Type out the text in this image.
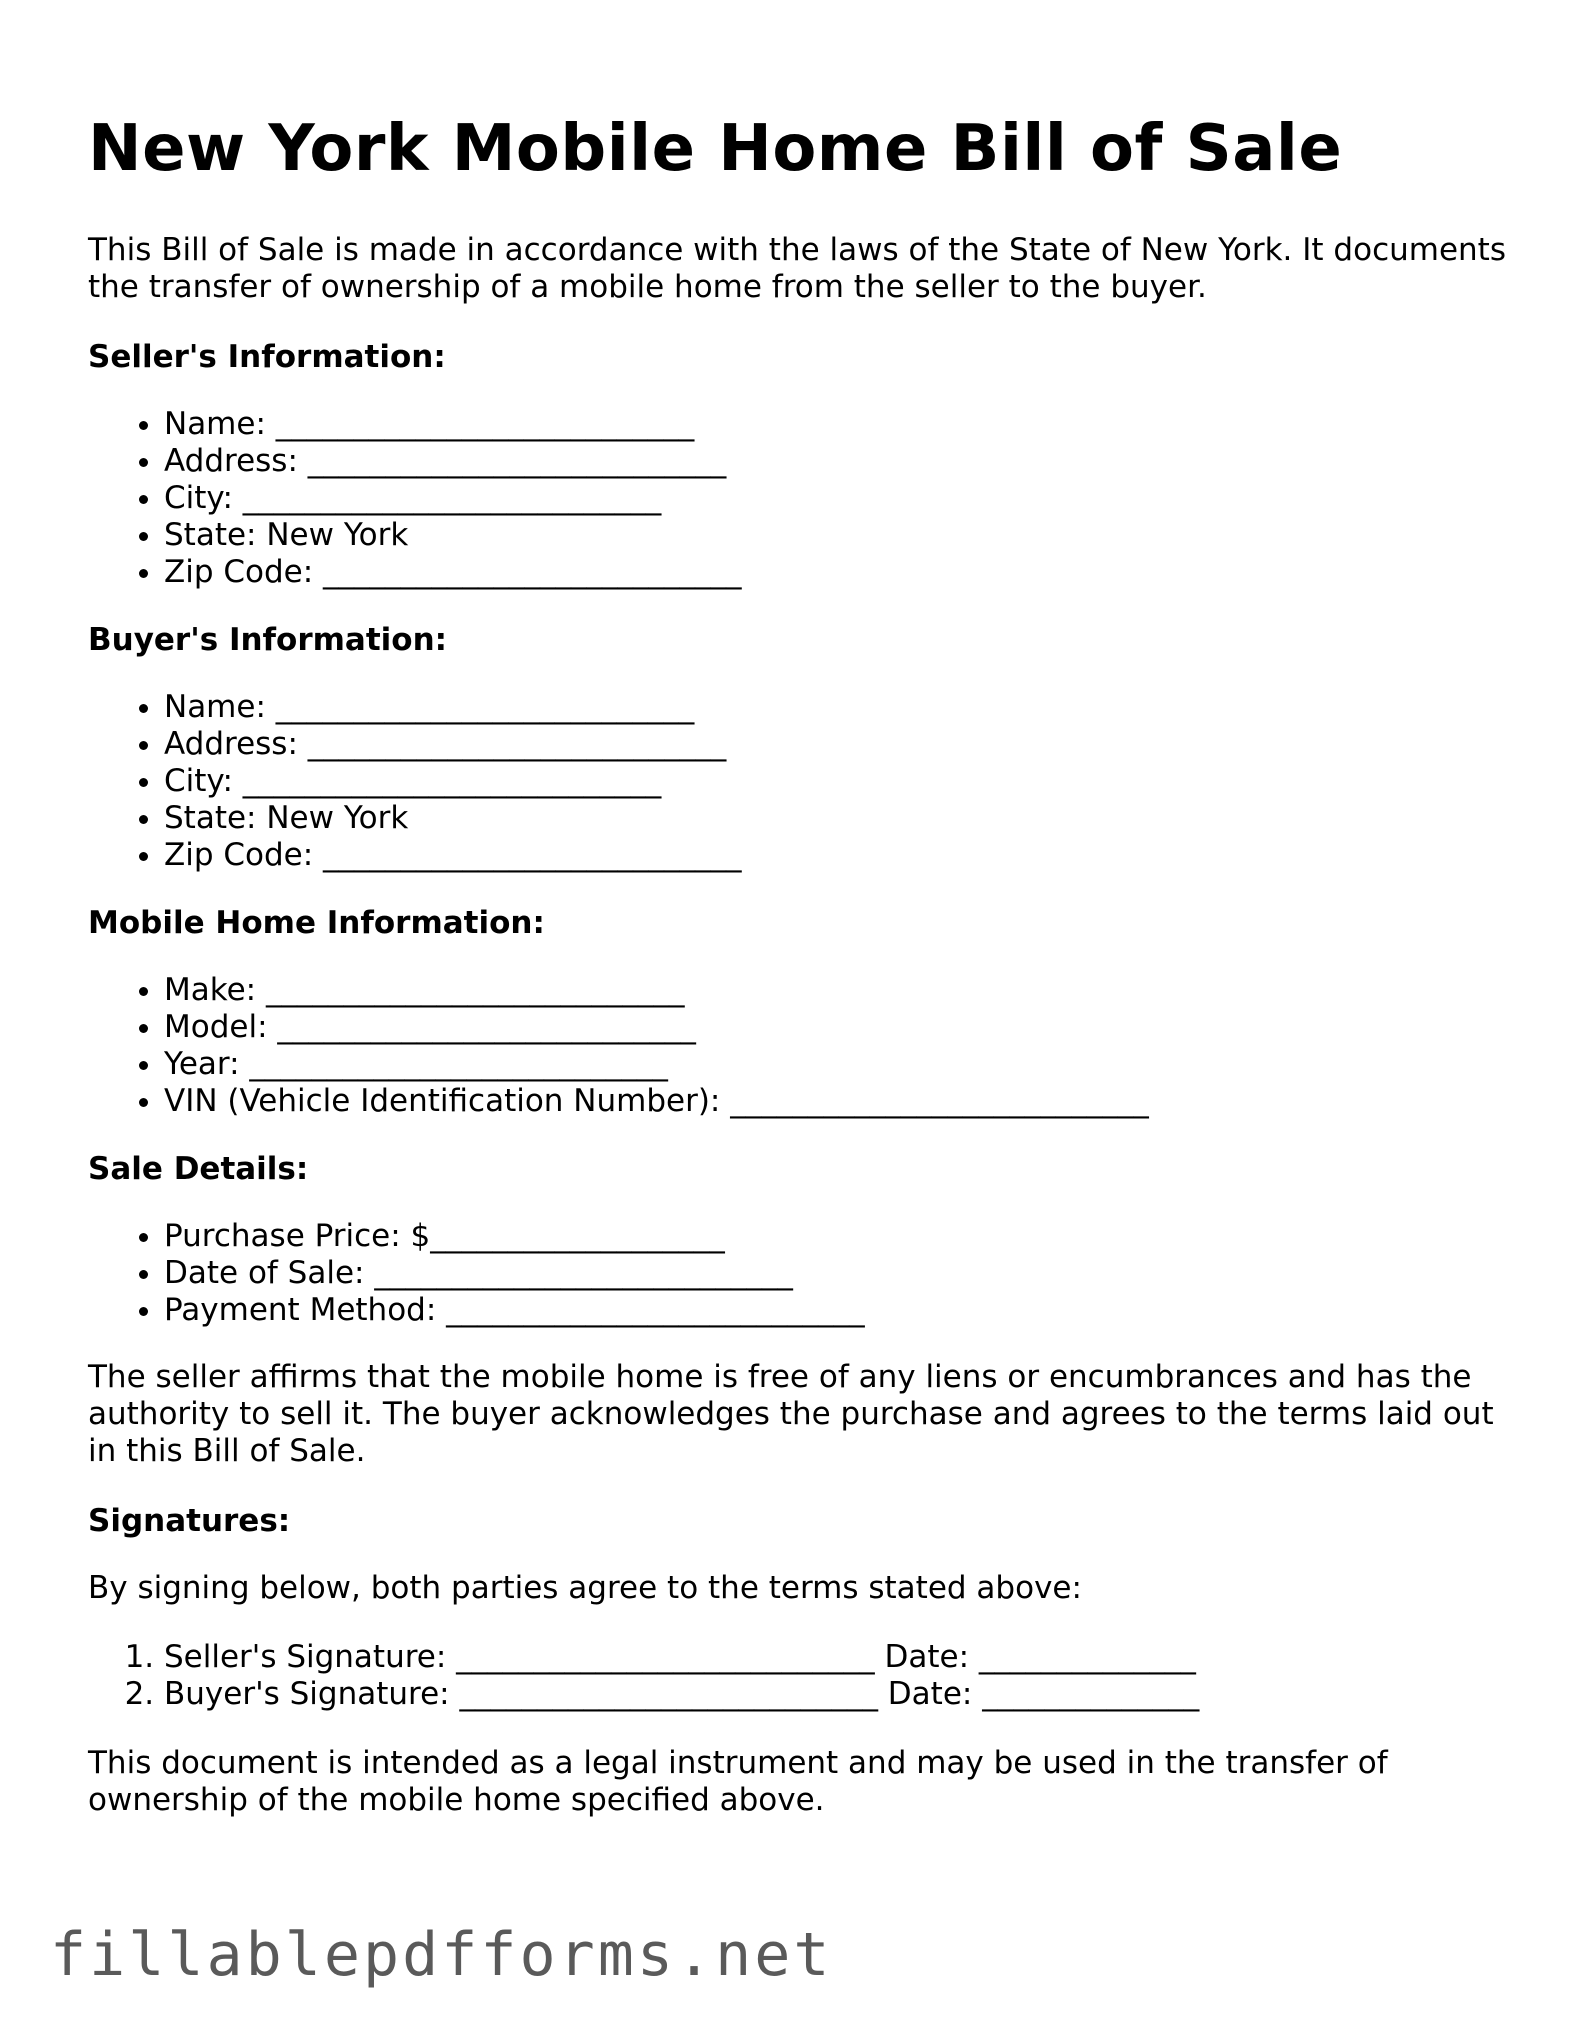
New York Mobile Home Bill of Sale

This Bill of Sale is made in accordance with the laws of the State of New York. It documents the transfer of ownership of a mobile home from the seller to the buyer.

Seller's Information:
• Name: ___________________________
• Address: ___________________________
• City: ___________________________
• State: New York
• Zip Code: ___________________________
Buyer's Information:
• Name: ___________________________
• Address: ___________________________
• City: ___________________________
• State: New York
• Zip Code: ___________________________
Mobile Home Information:
• Make: ___________________________
• Model: ___________________________
• Year: ___________________________
• VIN (Vehicle Identification Number): ___________________________
Sale Details:
• Purchase Price: $___________________
• Date of Sale: ___________________________
• Payment Method: ___________________________

The seller affirms that the mobile home is free of any liens or encumbrances and has the authority to sell it. The buyer acknowledges the purchase and agrees to the terms laid out in this Bill of Sale.

Signatures:

By signing below, both parties agree to the terms stated above:

1. Seller's Signature: ___________________________ Date: ______________
2. Buyer's Signature: ___________________________ Date: ______________

This document is intended as a legal instrument and may be used in the transfer of ownership of the mobile home specified above.

fillablepdfforms.net
